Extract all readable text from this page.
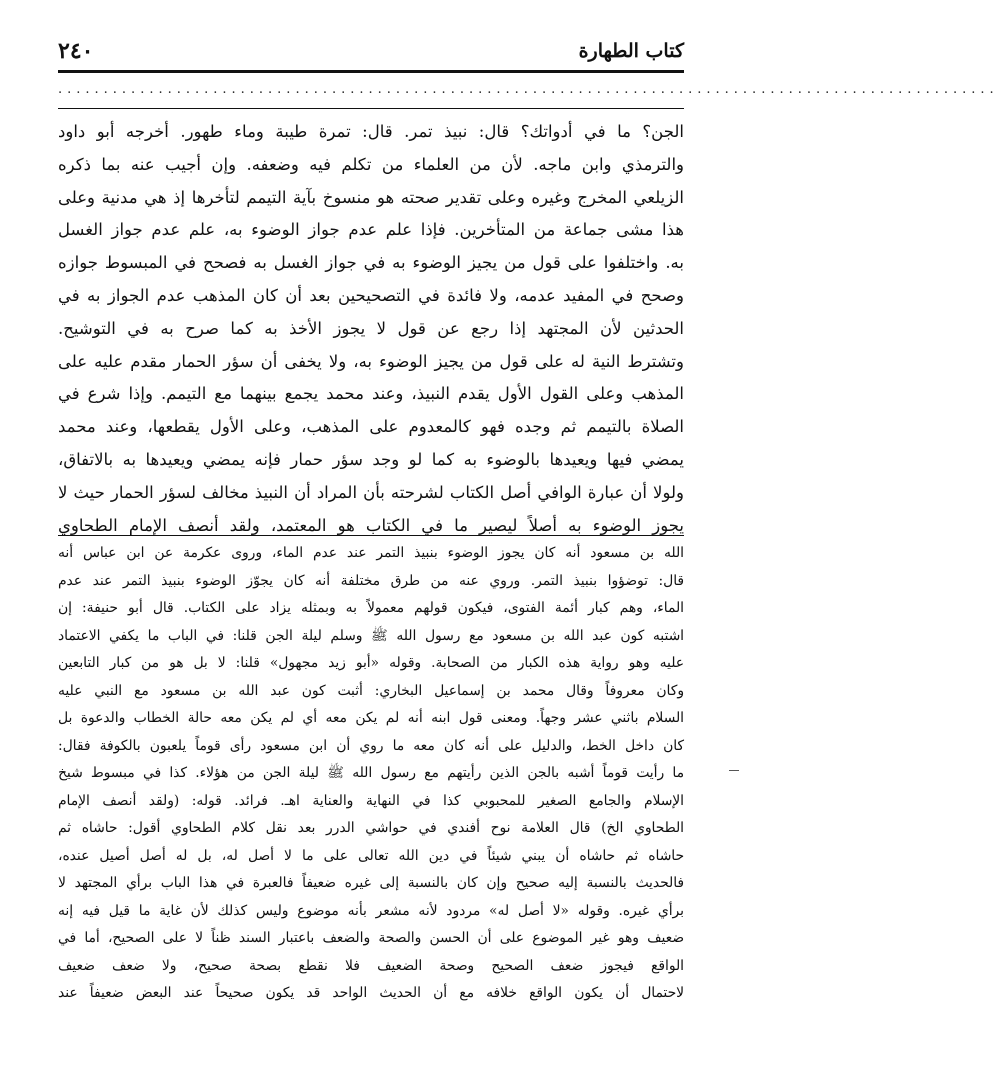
كتاب الطهارة
٢٤٠
.......................................................................................................
الجن؟ ما في أدواتك؟ قال: نبيذ تمر. قال: تمرة طيبة وماء طهور. أخرجه أبو داود
والترمذي وابن ماجه. لأن من العلماء من تكلم فيه وضعفه. وإن أجيب عنه بما ذكره
الزيلعي المخرج وغيره وعلى تقدير صحته هو منسوخ بآية التيمم لتأخرها إذ هي مدنية وعلى
هذا مشى جماعة من المتأخرين. فإذا علم عدم جواز الوضوء به، علم عدم جواز الغسل
به. واختلفوا على قول من يجيز الوضوء به في جواز الغسل به فصحح في المبسوط جوازه
وصحح في المفيد عدمه، ولا فائدة في التصحيحين بعد أن كان المذهب عدم الجواز به في
الحدثين لأن المجتهد إذا رجع عن قول لا يجوز الأخذ به كما صرح به في التوشيح.
وتشترط النية له على قول من يجيز الوضوء به، ولا يخفى أن سؤر الحمار مقدم عليه على
المذهب وعلى القول الأول يقدم النبيذ، وعند محمد يجمع بينهما مع التيمم. وإذا شرع في
الصلاة بالتيمم ثم وجده فهو كالمعدوم على المذهب، وعلى الأول يقطعها، وعند محمد
يمضي فيها ويعيدها بالوضوء به كما لو وجد سؤر حمار فإنه يمضي ويعيدها به بالاتفاق،
ولولا أن عبارة الوافي أصل الكتاب لشرحته بأن المراد أن النبيذ مخالف لسؤر الحمار حيث لا
يجوز الوضوء به أصلاً ليصير ما في الكتاب هو المعتمد، ولقد أنصف الإمام الطحاوي
الله بن مسعود أنه كان يجوز الوضوء بنبيذ التمر عند عدم الماء، وروى عكرمة عن ابن عباس أنه
قال: توضؤوا بنبيذ التمر. وروي عنه من طرق مختلفة أنه كان يجوّز الوضوء بنبيذ التمر عند عدم
الماء، وهم كبار أئمة الفتوى، فيكون قولهم معمولاً به وبمثله يزاد على الكتاب. قال أبو حنيفة: إن
اشتبه كون عبد الله بن مسعود مع رسول الله ﷺ وسلم ليلة الجن قلنا: في الباب ما يكفي الاعتماد
عليه وهو رواية هذه الكبار من الصحابة. وقوله «أبو زيد مجهول» قلنا: لا بل هو من كبار التابعين
وكان معروفاً وقال محمد بن إسماعيل البخاري: أثبت كون عبد الله بن مسعود مع النبي عليه
السلام باثني عشر وجهاً. ومعنى قول ابنه أنه لم يكن معه أي لم يكن معه حالة الخطاب والدعوة بل
كان داخل الخط، والدليل على أنه كان معه ما روي أن ابن مسعود رأى قوماً يلعبون بالكوفة فقال:
ما رأيت قوماً أشبه بالجن الذين رأيتهم مع رسول الله ﷺ ليلة الجن من هؤلاء. كذا في مبسوط شيخ
الإسلام والجامع الصغير للمحبوبي كذا في النهاية والعناية اهـ. فرائد. قوله: (ولقد أنصف الإمام
الطحاوي الخ) قال العلامة نوح أفندي في حواشي الدرر بعد نقل كلام الطحاوي أقول: حاشاه ثم
حاشاه ثم حاشاه أن يبني شيئاً في دين الله تعالى على ما لا أصل له، بل له أصل أصيل عنده،
فالحديث بالنسبة إليه صحيح وإن كان بالنسبة إلى غيره ضعيفاً فالعبرة في هذا الباب برأي المجتهد لا
برأي غيره. وقوله «لا أصل له» مردود لأنه مشعر بأنه موضوع وليس كذلك لأن غاية ما قيل فيه إنه
ضعيف وهو غير الموضوع على أن الحسن والصحة والضعف باعتبار السند ظناً لا على الصحيح، أما في
الواقع فيجوز ضعف الصحيح وصحة الضعيف فلا نقطع بصحة صحيح، ولا ضعف ضعيف
لاحتمال أن يكون الواقع خلافه مع أن الحديث الواحد قد يكون صحيحاً عند البعض ضعيفاً عند
